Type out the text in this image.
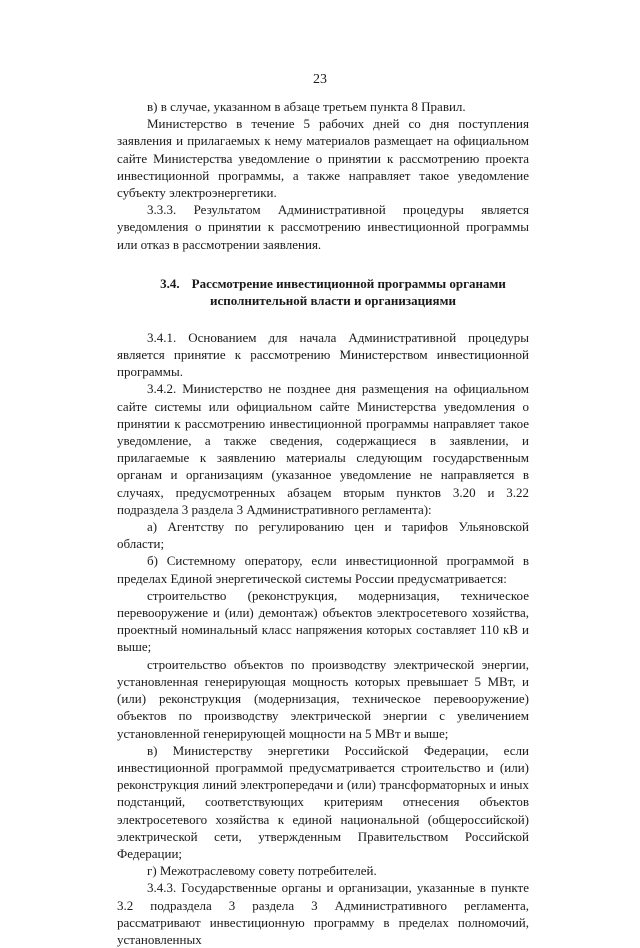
23

в) в случае, указанном в абзаце третьем пункта 8 Правил.

Министерство в течение 5 рабочих дней со дня поступления заявления и прилагаемых к нему материалов размещает на официальном сайте Министерства уведомление о принятии к рассмотрению проекта инвестиционной программы, а также направляет такое уведомление субъекту электроэнергетики.

3.3.3. Результатом Административной процедуры является уведомления о принятии к рассмотрению инвестиционной программы или отказ в рассмотрении заявления.

3.4. Рассмотрение инвестиционной программы органами исполнительной власти и организациями

3.4.1. Основанием для начала Административной процедуры является принятие к рассмотрению Министерством инвестиционной программы.

3.4.2. Министерство не позднее дня размещения на официальном сайте системы или официальном сайте Министерства уведомления о принятии к рассмотрению инвестиционной программы направляет такое уведомление, а также сведения, содержащиеся в заявлении, и прилагаемые к заявлению материалы следующим государственным органам и организациям (указанное уведомление не направляется в случаях, предусмотренных абзацем вторым пунктов 3.20 и 3.22 подраздела 3 раздела 3 Административного регламента):

а) Агентству по регулированию цен и тарифов Ульяновской области;

б) Системному оператору, если инвестиционной программой в пределах Единой энергетической системы России предусматривается:

строительство (реконструкция, модернизация, техническое перевооружение и (или) демонтаж) объектов электросетевого хозяйства, проектный номинальный класс напряжения которых составляет 110 кВ и выше;

строительство объектов по производству электрической энергии, установленная генерирующая мощность которых превышает 5 МВт, и (или) реконструкция (модернизация, техническое перевооружение) объектов по производству электрической энергии с увеличением установленной генерирующей мощности на 5 МВт и выше;

в) Министерству энергетики Российской Федерации, если инвестиционной программой предусматривается строительство и (или) реконструкция линий электропередачи и (или) трансформаторных и иных подстанций, соответствующих критериям отнесения объектов электросетевого хозяйства к единой национальной (общероссийской) электрической сети, утвержденным Правительством Российской Федерации;

г) Межотраслевому совету потребителей.

3.4.3. Государственные органы и организации, указанные в пункте 3.2 подраздела 3 раздела 3 Административного регламента, рассматривают инвестиционную программу в пределах полномочий, установленных
